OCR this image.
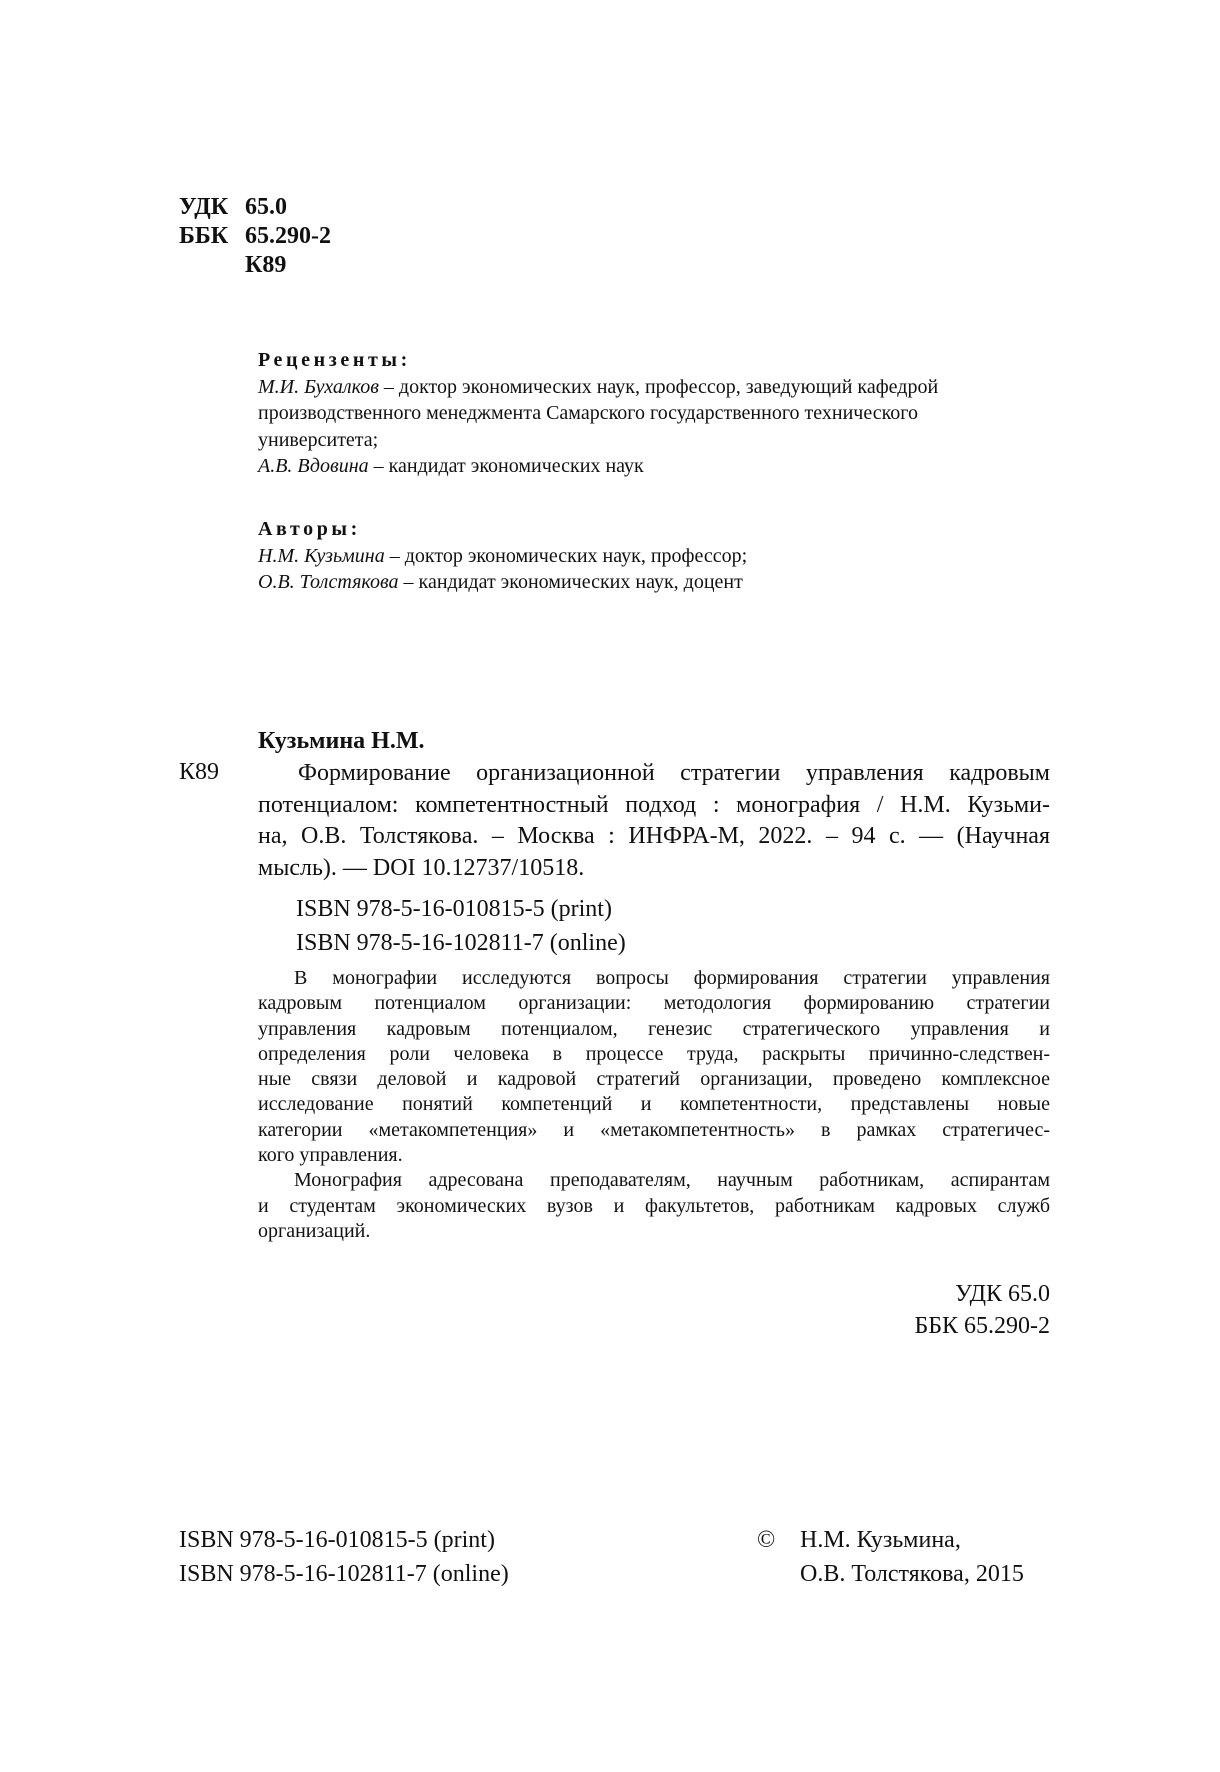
УДК 65.0
ББК 65.290-2
К89
Рецензенты:
М.И. Бухалков – доктор экономических наук, профессор, заведующий кафедрой
производственного менеджмента Самарского государственного технического
университета;
А.В. Вдовина – кандидат экономических наук
Авторы:
Н.М. Кузьмина – доктор экономических наук, профессор;
О.В. Толстякова – кандидат экономических наук, доцент
Кузьмина Н.М.
К89	Формирование организационной стратегии управления кадровым
потенциалом: компетентностный подход : монография / Н.М. Кузьми-
на, О.В. Толстякова. – Москва : ИНФРА-М, 2022. – 94 с. — (Научная
мысль). — DOI 10.12737/10518.
ISBN 978-5-16-010815-5 (print)
ISBN 978-5-16-102811-7 (online)
В монографии исследуются вопросы формирования стратегии управления
кадровым потенциалом организации: методология формированию стратегии
управления кадровым потенциалом, генезис стратегического управления и
определения роли человека в процессе труда, раскрыты причинно-следствен-
ные связи деловой и кадровой стратегий организации, проведено комплексное
исследование понятий компетенций и компетентности, представлены новые
категории «метакомпетенция» и «метакомпетентность» в рамках стратегичес-
кого управления.
Монография адресована преподавателям, научным работникам, аспирантам
и студентам экономических вузов и факультетов, работникам кадровых служб
организаций.
УДК 65.0
ББК 65.290-2
ISBN 978-5-16-010815-5 (print)
ISBN 978-5-16-102811-7 (online)
© Н.М. Кузьмина,
О.В. Толстякова, 2015
